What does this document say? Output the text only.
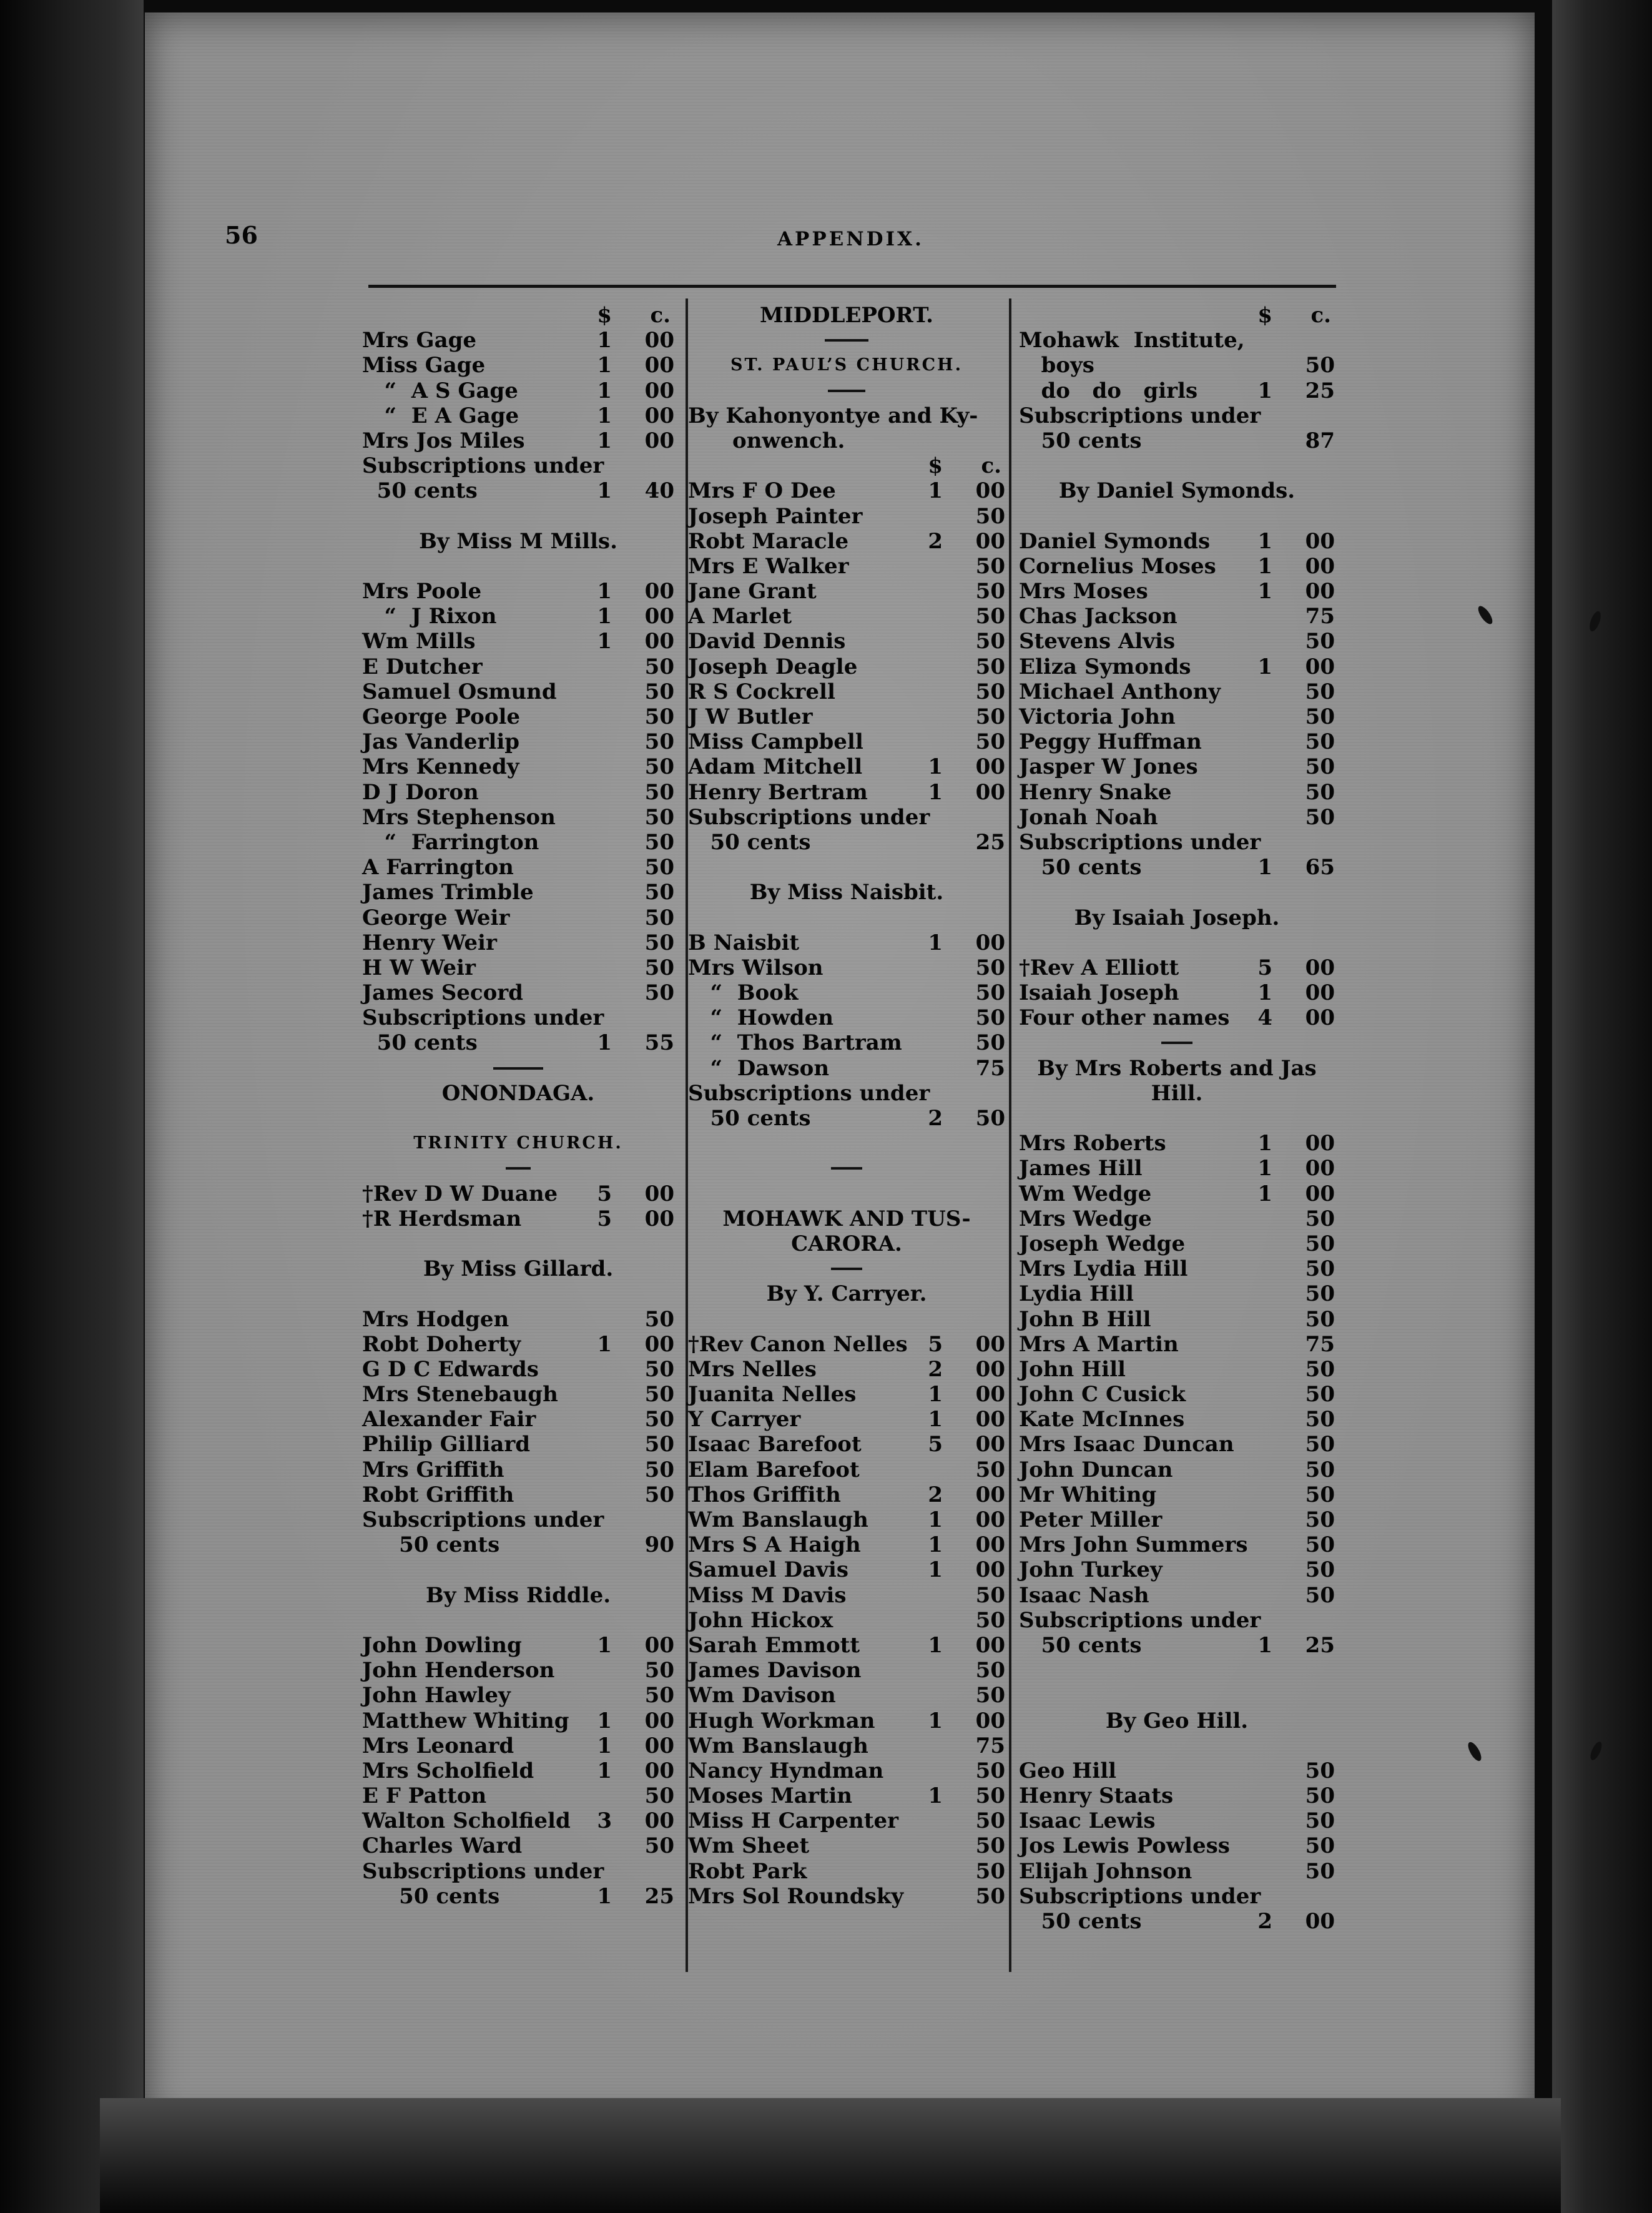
56	APPENDIX.
$ c.
Mrs Gage	1 00
Miss Gage	1 00
“  A S Gage	1 00
“  E A Gage	1 00
Mrs Jos Miles	1 00
Subscriptions under
50 cents	1 40
By Miss M Mills.
Mrs Poole	1 00
“  J Rixon	1 00
Wm Mills	1 00
E Dutcher	50
Samuel Osmund	50
George Poole	50
Jas Vanderlip	50
Mrs Kennedy	50
D J Doron	50
Mrs Stephenson	50
“  Farrington	50
A Farrington	50
James Trimble	50
George Weir	50
Henry Weir	50
H W Weir	50
James Secord	50
Subscriptions under
50 cents	1 55
ONONDAGA.
TRINITY CHURCH.
†Rev D W Duane 5 00
†R Herdsman	5 00
By Miss Gillard.
Mrs Hodgen	50
Robt Doherty	1 00
G D C Edwards	50
Mrs Stenebaugh	50
Alexander Fair	50
Philip Gilliard	50
Mrs Griffith	50
Robt Griffith	50
Subscriptions under
50 cents	90
By Miss Riddle.
John Dowling	1 00
John Henderson	50
John Hawley	50
Matthew Whiting 1 00
Mrs Leonard	1 00
Mrs Scholfield	1 00
E F Patton	50
Walton Scholfield 3 00
Charles Ward	50
Subscriptions under
50 cents	1 25
MIDDLEPORT.
ST. PAUL’S CHURCH.
By Kahonyontye and Ky-
onwench.
$ c.
Mrs F O Dee	1 00
Joseph Painter	50
Robt Maracle	2 00
Mrs E Walker	50
Jane Grant	50
A Marlet	50
David Dennis	50
Joseph Deagle	50
R S Cockrell	50
J W Butler	50
Miss Campbell	50
Adam Mitchell	1 00
Henry Bertram	1 00
Subscriptions under
50 cents	25
By Miss Naisbit.
B Naisbit	1 00
Mrs Wilson	50
“  Book	50
“  Howden	50
“  Thos Bartram	50
“  Dawson	75
Subscriptions under
50 cents	2 50
MOHAWK AND TUS-
CARORA.
By Y. Carryer.
†Rev Canon Nelles 5 00
Mrs Nelles	2 00
Juanita Nelles	1 00
Y Carryer	1 00
Isaac Barefoot	5 00
Elam Barefoot	50
Thos Griffith	2 00
Wm Banslaugh	1 00
Mrs S A Haigh	1 00
Samuel Davis	1 00
Miss M Davis	50
John Hickox	50
Sarah Emmott	1 00
James Davison	50
Wm Davison	50
Hugh Workman 1 00
Wm Banslaugh	75
Nancy Hyndman	50
Moses Martin	1 50
Miss H Carpenter	50
Wm Sheet	50
Robt Park	50
Mrs Sol Roundsky	50
$ c.
Mohawk  Institute,
boys	50
do   do   girls	1 25
Subscriptions under
50 cents	87
By Daniel Symonds.
Daniel Symonds 1 00
Cornelius Moses 1 00
Mrs Moses	1 00
Chas Jackson	75
Stevens Alvis	50
Eliza Symonds	1 00
Michael Anthony	50
Victoria John	50
Peggy Huffman	50
Jasper W Jones	50
Henry Snake	50
Jonah Noah	50
Subscriptions under
50 cents	1 65
By Isaiah Joseph.
†Rev A Elliott	5 00
Isaiah Joseph	1 00
Four other names 4 00
By Mrs Roberts and Jas
Hill.
Mrs Roberts	1 00
James Hill	1 00
Wm Wedge	1 00
Mrs Wedge	50
Joseph Wedge	50
Mrs Lydia Hill	50
Lydia Hill	50
John B Hill	50
Mrs A Martin	75
John Hill	50
John C Cusick	50
Kate McInnes	50
Mrs Isaac Duncan	50
John Duncan	50
Mr Whiting	50
Peter Miller	50
Mrs John Summers	50
John Turkey	50
Isaac Nash	50
Subscriptions under
50 cents	1 25
By Geo Hill.
Geo Hill	50
Henry Staats	50
Isaac Lewis	50
Jos Lewis Powless	50
Elijah Johnson	50
Subscriptions under
50 cents	2 00
